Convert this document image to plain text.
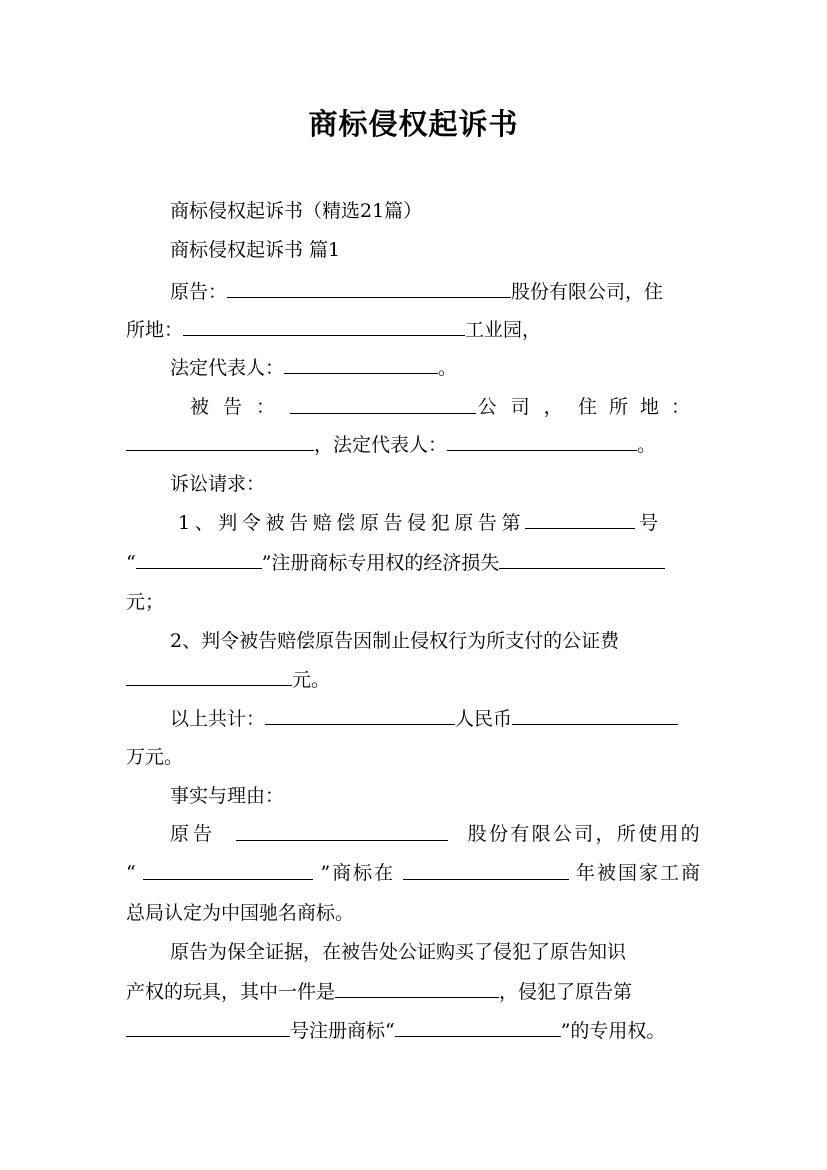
商标侵权起诉书
商标侵权起诉书（精选21篇）
商标侵权起诉书 篇1
原告：	股份有限公司，住
所地：	工业园，
法定代表人：	。
被告：	公司， 住所地：
，法定代表人：	。
诉讼请求：
1、判令被告赔偿原告侵犯原告第	号
“	”注册商标专用权的经济损失
元；
2、判令被告赔偿原告因制止侵权行为所支付的公证费
元。
以上共计：	人民币
万元。
事实与理由：
原告	股份有限公司，所使用的
“	”商标在	年被国家工商
总局认定为中国驰名商标。
原告为保全证据，在被告处公证购买了侵犯了原告知识
产权的玩具，其中一件是	，侵犯了原告第
号注册商标“	”的专用权。
